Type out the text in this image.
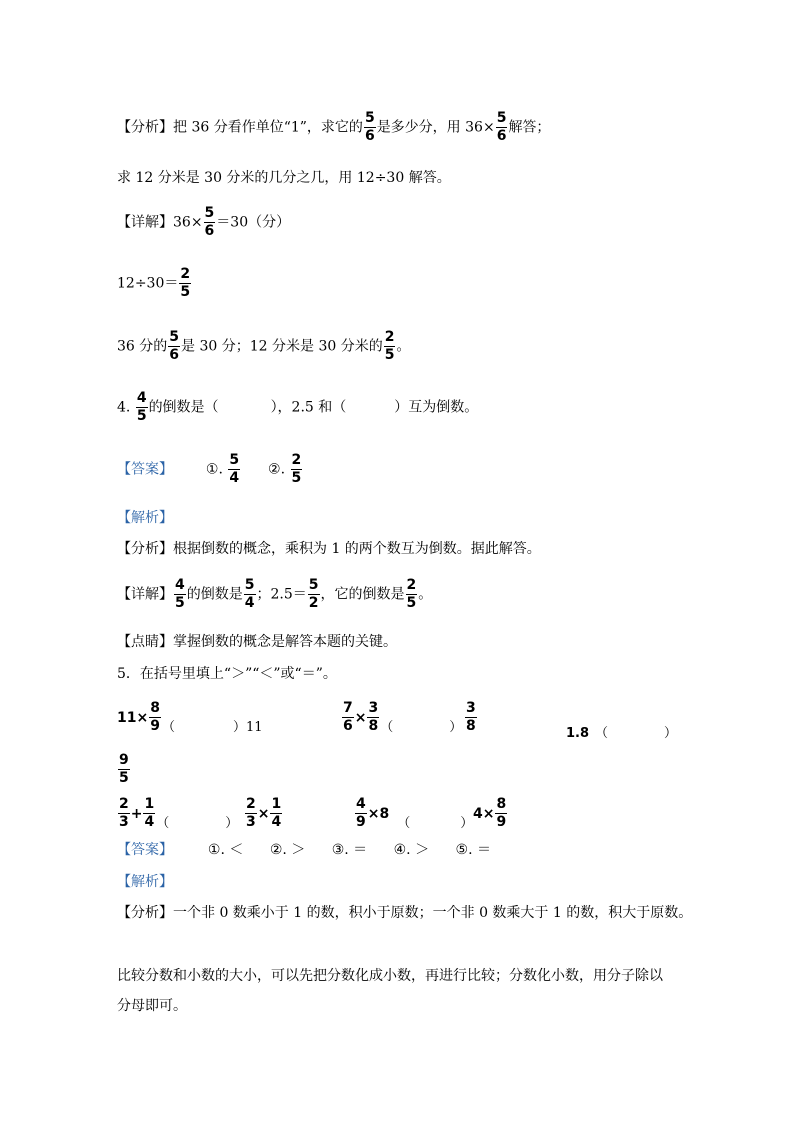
【分析】把 36 分看作单位“1”，求它的 $\frac{5}{6}$ 是多少分，用 $36\times \frac{5}{6}$ 解答；
求 12 分米是 30 分米的几分之几，用 12÷30 解答。
【详解】$36\times \frac{5}{6} =30$（分）
$12\div 30= \frac{2}{5}$
36 分的 $\frac{5}{6}$ 是 30 分；12 分米是 30 分米的 $\frac{2}{5}$ 。
4. $\frac{4}{5}$ 的倒数是（	），2.5 和（	）互为倒数。
【答案】 ①. $\frac{5}{4}$ ②. $\frac{2}{5}$
【解析】
【分析】根据倒数的概念，乘积为 1 的两个数互为倒数。据此解答。
【详解】 $\frac{4}{5}$ 的倒数是 $\frac{5}{4}$ ；$2.5= \frac{5}{2}$ ，它的倒数是 $\frac{2}{5}$ 。
【点睛】掌握倒数的概念是解答本题的关键。
5．在括号里填上“＞”“＜”或“＝”。
$11\times \frac{8}{9} _($	$_{)11}$	$\frac{7}{6} \times \frac{3}{8} _($	$_) \frac{3}{8}$	1.8 （	）
$\frac{9}{5}$
$\frac{2}{3} + \frac{1}{4} _($	$_) \frac{2}{3} \times \frac{1}{4}$	$\frac{4}{9} \times 8_($	$_)$
$4\times \frac{8}{9}$
【答案】 ①. ＜ ②. ＞ ③. ＝ ④. ＞ ⑤. ＝
【解析】
【分析】一个非 0 数乘小于 1 的数，积小于原数；一个非 0 数乘大于 1 的数，积大于原数。
比较分数和小数的大小，可以先把分数化成小数，再进行比较；分数化小数，用分子除以
分母即可。
